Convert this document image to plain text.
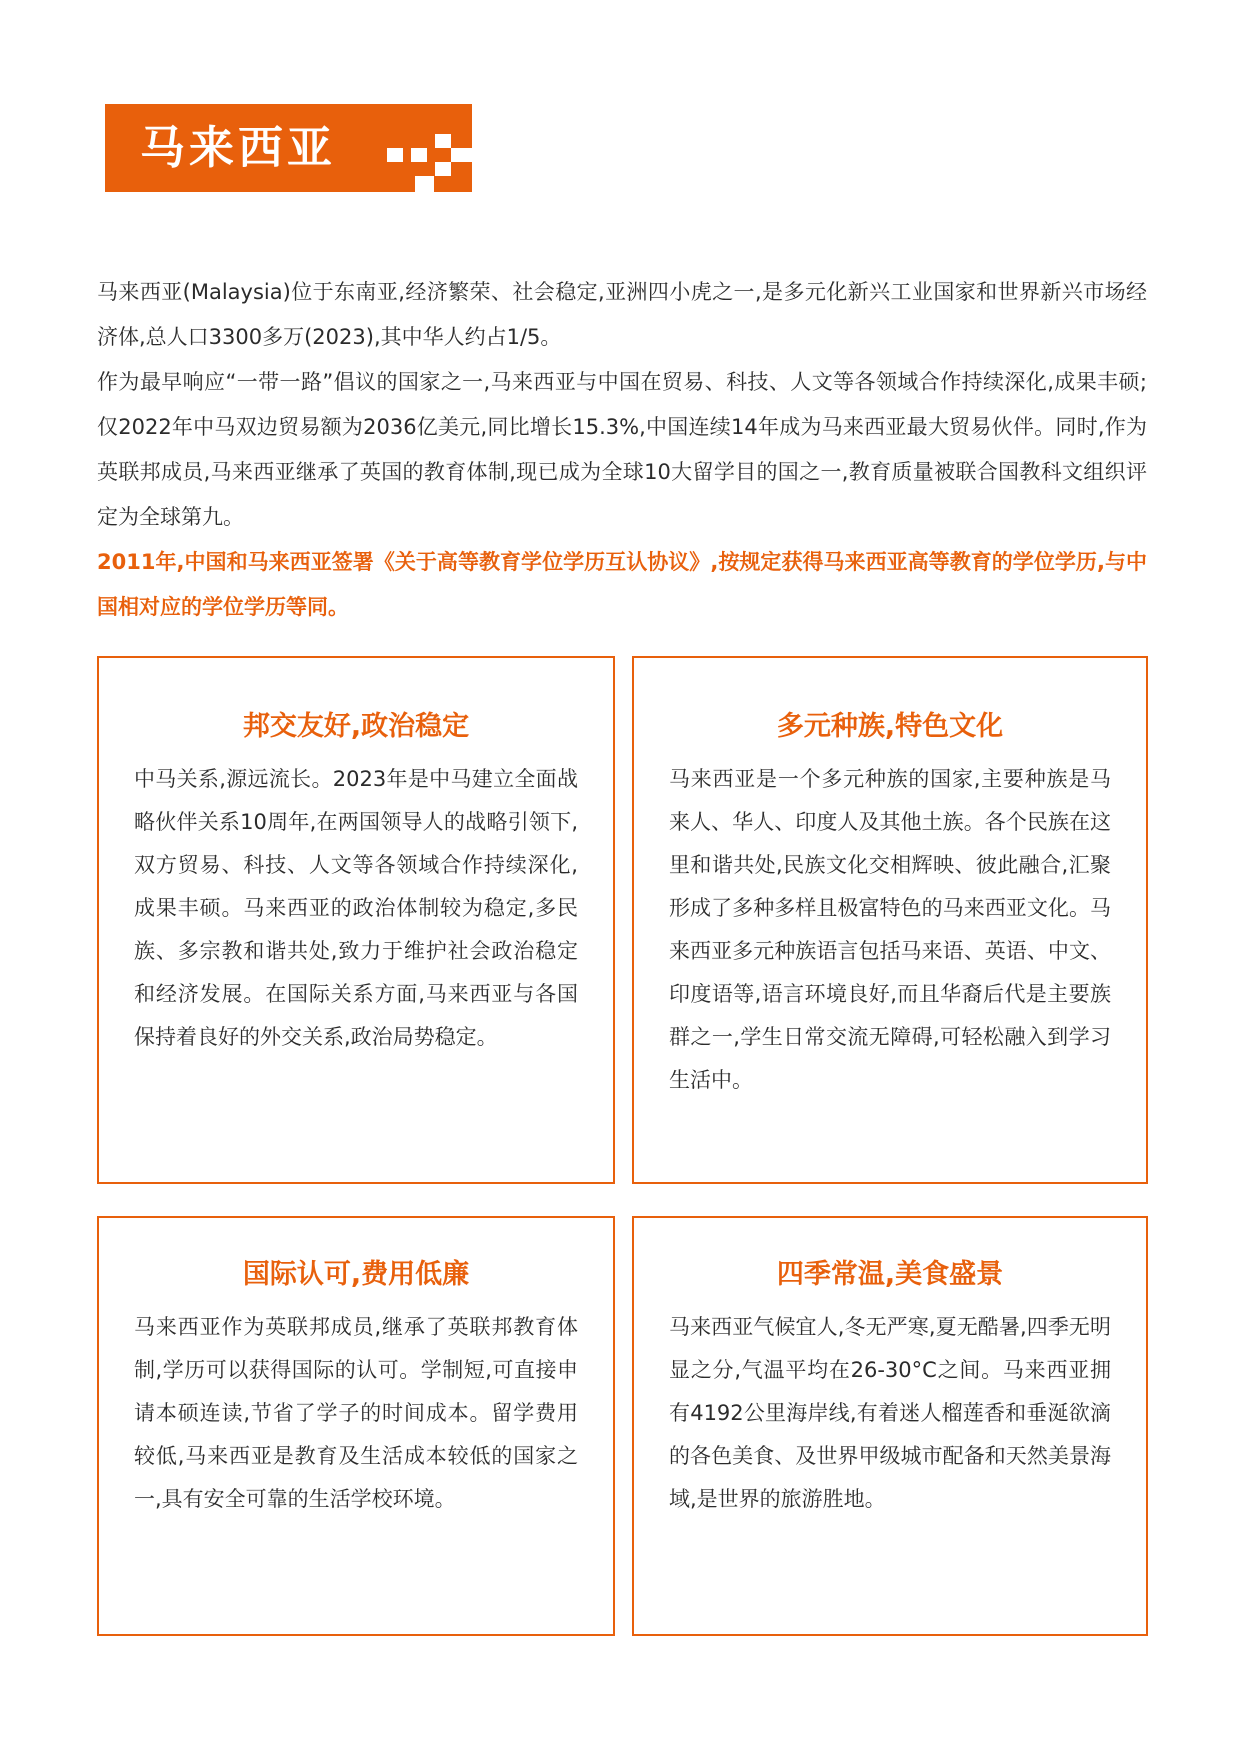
马来西亚

马来西亚(Malaysia)位于东南亚,经济繁荣、社会稳定,亚洲四小虎之一,是多元化新兴工业国家和世界新兴市场经济体,总人口3300多万(2023),其中华人约占1/5。

作为最早响应“一带一路”倡议的国家之一,马来西亚与中国在贸易、科技、人文等各领域合作持续深化,成果丰硕;仅2022年中马双边贸易额为2036亿美元,同比增长15.3%,中国连续14年成为马来西亚最大贸易伙伴。同时,作为英联邦成员,马来西亚继承了英国的教育体制,现已成为全球10大留学目的国之一,教育质量被联合国教科文组织评定为全球第九。

2011年,中国和马来西亚签署《关于高等教育学位学历互认协议》,按规定获得马来西亚高等教育的学位学历,与中国相对应的学位学历等同。

邦交友好,政治稳定
中马关系,源远流长。2023年是中马建立全面战略伙伴关系10周年,在两国领导人的战略引领下,双方贸易、科技、人文等各领域合作持续深化,成果丰硕。马来西亚的政治体制较为稳定,多民族、多宗教和谐共处,致力于维护社会政治稳定和经济发展。在国际关系方面,马来西亚与各国保持着良好的外交关系,政治局势稳定。
多元种族,特色文化
马来西亚是一个多元种族的国家,主要种族是马来人、华人、印度人及其他土族。各个民族在这里和谐共处,民族文化交相辉映、彼此融合,汇聚形成了多种多样且极富特色的马来西亚文化。马来西亚多元种族语言包括马来语、英语、中文、印度语等,语言环境良好,而且华裔后代是主要族群之一,学生日常交流无障碍,可轻松融入到学习生活中。
国际认可,费用低廉
马来西亚作为英联邦成员,继承了英联邦教育体制,学历可以获得国际的认可。学制短,可直接申请本硕连读,节省了学子的时间成本。留学费用较低,马来西亚是教育及生活成本较低的国家之一,具有安全可靠的生活学校环境。
四季常温,美食盛景
马来西亚气候宜人,冬无严寒,夏无酷暑,四季无明显之分,气温平均在26-30°C之间。马来西亚拥有4192公里海岸线,有着迷人榴莲香和垂涎欲滴的各色美食、及世界甲级城市配备和天然美景海域,是世界的旅游胜地。
